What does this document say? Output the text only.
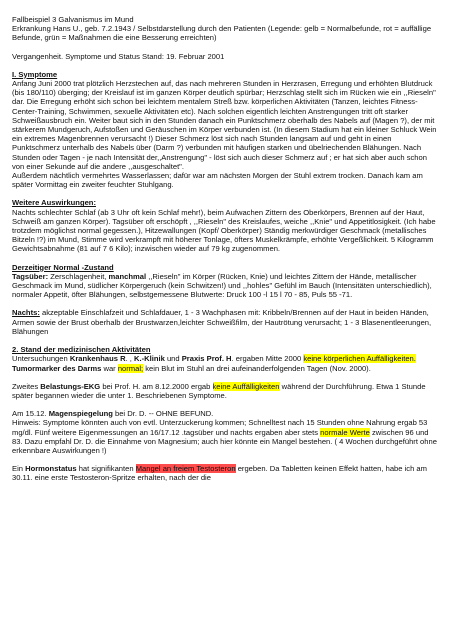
Fallbeispiel 3 Galvanismus im Mund

Erkrankung Hans U., geb. 7.2.1943 / Selbstdarstellung durch den Patienten (Legende: gelb = Normalbefunde, rot = auffällige Befunde, grün = Maßnahmen die eine Besserung erreichten)

Vergangenheit. Symptome und Status Stand: 19. Februar 2001

I. Symptome

Anfang Juni 2000 trat plötzlich Herzstechen auf, das nach mehreren Stunden in Herzrasen, Erregung und erhöhten Blutdruck (bis 180/110) überging; der Kreislauf ist im ganzen Körper deutlich spürbar; Herzschlag stellt sich im Rücken wie ein ,,Rieseln" dar. Die Erregung erhöht sich schon bei leichtem mentalem Streß bzw. körperlichen Aktivitäten (Tanzen, leichtes Fitness-Center-Training, Schwimmen, sexuelle Aktivitäten etc). Nach solchen eigentlich leichten Anstrengungen tritt oft starker Schweißausbruch ein. Weiter baut sich in den Stunden danach ein Punktschmerz oberhalb des Nabels auf (Magen ?), der mit stärkerem Mundgeruch, Aufstoßen und Geräuschen im Körper verbunden ist. (In diesem Stadium hat ein kleiner Schluck Wein ein extremes Magenbrennen verursacht !) Dieser Schmerz löst sich nach Stunden langsam auf und geht in einen Punktschmerz unterhalb des Nabels über (Darm ?) verbunden mit häufigen starken und übelriechenden Blähungen. Nach Stunden oder Tagen - je nach Intensität der,,Anstrengung" - löst sich auch dieser Schmerz auf ; er hat sich aber auch schon von einer Sekunde auf die andere ,,ausgeschaltet".

Außerdem nächtlich vermehrtes Wasserlassen; dafür war am nächsten Morgen der Stuhl extrem trocken. Danach kam am später Vormittag ein zweiter feuchter Stuhlgang.

Weitere Auswirkungen:

Nachts schlechter Schlaf (ab 3 Uhr oft kein Schlaf mehr!), beim Aufwachen Zittern des Oberkörpers, Brennen auf der Haut, Schweiß am ganzen Körper). Tagsüber oft erschöpft , ,,Rieseln" des Kreislaufes, weiche ,,Knie" und Appetitlosigkeit. (Ich habe trotzdem möglichst normal gegessen.), Hitzewallungen (Kopf/ Oberkörper) Ständig merkwürdiger Geschmack (metallisches Bitzeln !?) im Mund, Stimme wird verkrampft mit höherer Tonlage, öfters Muskelkrämpfe, erhöhte Vergeßlichkeit. 5 Kilogramm Gewichtsabnahme (81 auf 7 6 Kilo); inzwischen wieder auf 79 kg zugenommen.

Derzeitiger Normal -Zustand

Tagsüber: Zerschlagenheit, manchmal ,,Rieseln" im Körper (Rücken, Knie) und leichtes Zittern der Hände, metallischer Geschmack im Mund, südlicher Körpergeruch (kein Schwitzen!) und ,,hohles" Gefühl im Bauch (Intensitäten unterschiedlich), normaler Appetit, öfter Blähungen, selbstgemessene Blutwerte: Druck 100 -l 15 l 70 - 85, Puls 55 -71.

Nachts: akzeptable Einschlafzeit und Schlafdauer, 1 - 3 Wachphasen mit: Kribbeln/Brennen auf der Haut in beiden Händen, Armen sowie der Brust oberhalb der Brustwarzen,leichter Schweißfilm, der Hautrötung verursacht; 1 - 3 Blasenentleerungen, Blähungen

2. Stand der medizinischen Aktivitäten

Untersuchungen Krankenhaus R. , K.-Klinik und Praxis Prof. H. ergaben Mitte 2000 keine körperlichen Auffälligkeiten.

Tumormarker des Darms war normal; kein Blut im Stuhl an drei aufeinanderfolgenden Tagen (Nov. 2000).

Zweites Belastungs-EKG bei Prof. H. am 8.12.2000 ergab keine Auffälligkeiten während der Durchführung. Etwa 1 Stunde später begannen wieder die unter 1. Beschriebenen Symptome.

Am 15.12. Magenspiegelung bei Dr. D. -- OHNE BEFUND.

Hinweis: Symptome könnten auch von evtl. Unterzuckerung kommen; Schnelltest nach 15 Stunden ohne Nahrung ergab 53 mg/dl. Fünf weitere Eigenmessungen an 16/17.12 .tagsüber und nachts ergaben aber stets normale Werte zwischen 96 und 83. Dazu empfahl Dr. D. die Einnahme von Magnesium; auch hier könnte ein Mangel bestehen. ( 4 Wochen durchgeführt ohne erkennbare Auswirkungen !)

Ein Hormonstatus hat signifikanten Mangel an freiem Testosteron ergeben. Da Tabletten keinen Effekt hatten, habe ich am 30.11. eine erste Testosteron-Spritze erhalten, nach der die
